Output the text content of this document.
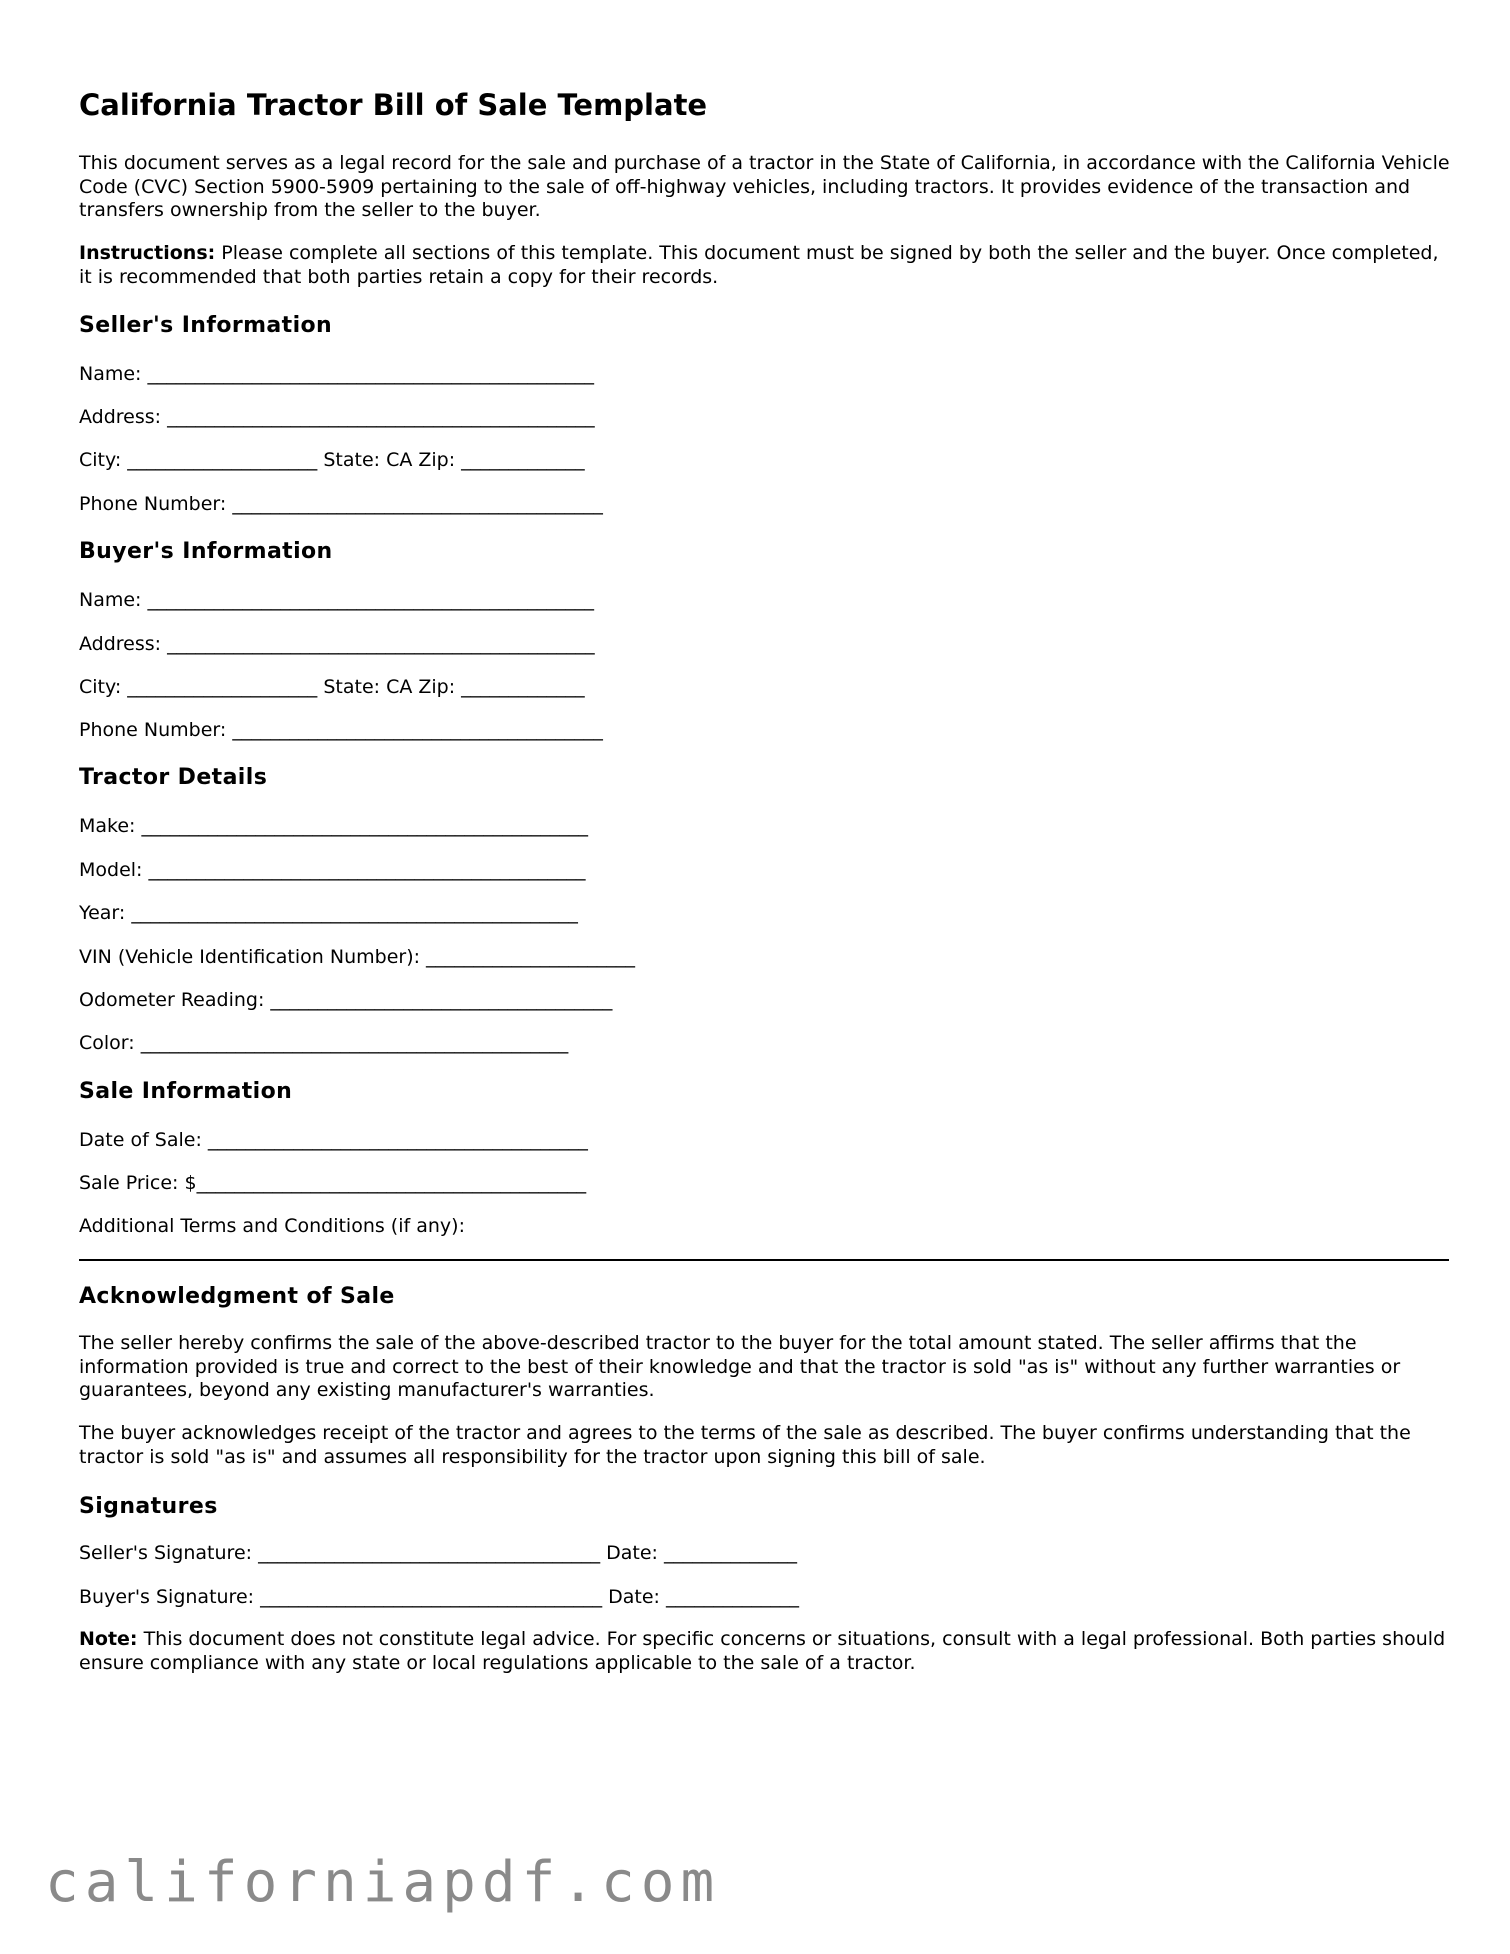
California Tractor Bill of Sale Template

This document serves as a legal record for the sale and purchase of a tractor in the State of California, in accordance with the California Vehicle Code (CVC) Section 5900-5909 pertaining to the sale of off-highway vehicles, including tractors. It provides evidence of the transaction and transfers ownership from the seller to the buyer.

Instructions: Please complete all sections of this template. This document must be signed by both the seller and the buyer. Once completed, it is recommended that both parties retain a copy for their records.

Seller's Information
Name: _______________________________________________
Address: _____________________________________________
City: ____________________ State: CA Zip: _____________
Phone Number: _______________________________________
Buyer's Information
Name: _______________________________________________
Address: _____________________________________________
City: ____________________ State: CA Zip: _____________
Phone Number: _______________________________________
Tractor Details
Make: _______________________________________________
Model: ______________________________________________
Year: _______________________________________________
VIN (Vehicle Identification Number): ______________________
Odometer Reading: ____________________________________
Color: _____________________________________________
Sale Information
Date of Sale: ________________________________________
Sale Price: $_________________________________________
Additional Terms and Conditions (if any):
Acknowledgment of Sale

The seller hereby confirms the sale of the above-described tractor to the buyer for the total amount stated. The seller affirms that the information provided is true and correct to the best of their knowledge and that the tractor is sold "as is" without any further warranties or guarantees, beyond any existing manufacturer's warranties.

The buyer acknowledges receipt of the tractor and agrees to the terms of the sale as described. The buyer confirms understanding that the tractor is sold "as is" and assumes all responsibility for the tractor upon signing this bill of sale.

Signatures
Seller's Signature: ____________________________________ Date: ______________
Buyer's Signature: ____________________________________ Date: ______________

Note: This document does not constitute legal advice. For specific concerns or situations, consult with a legal professional. Both parties should ensure compliance with any state or local regulations applicable to the sale of a tractor.

californiapdf.com
